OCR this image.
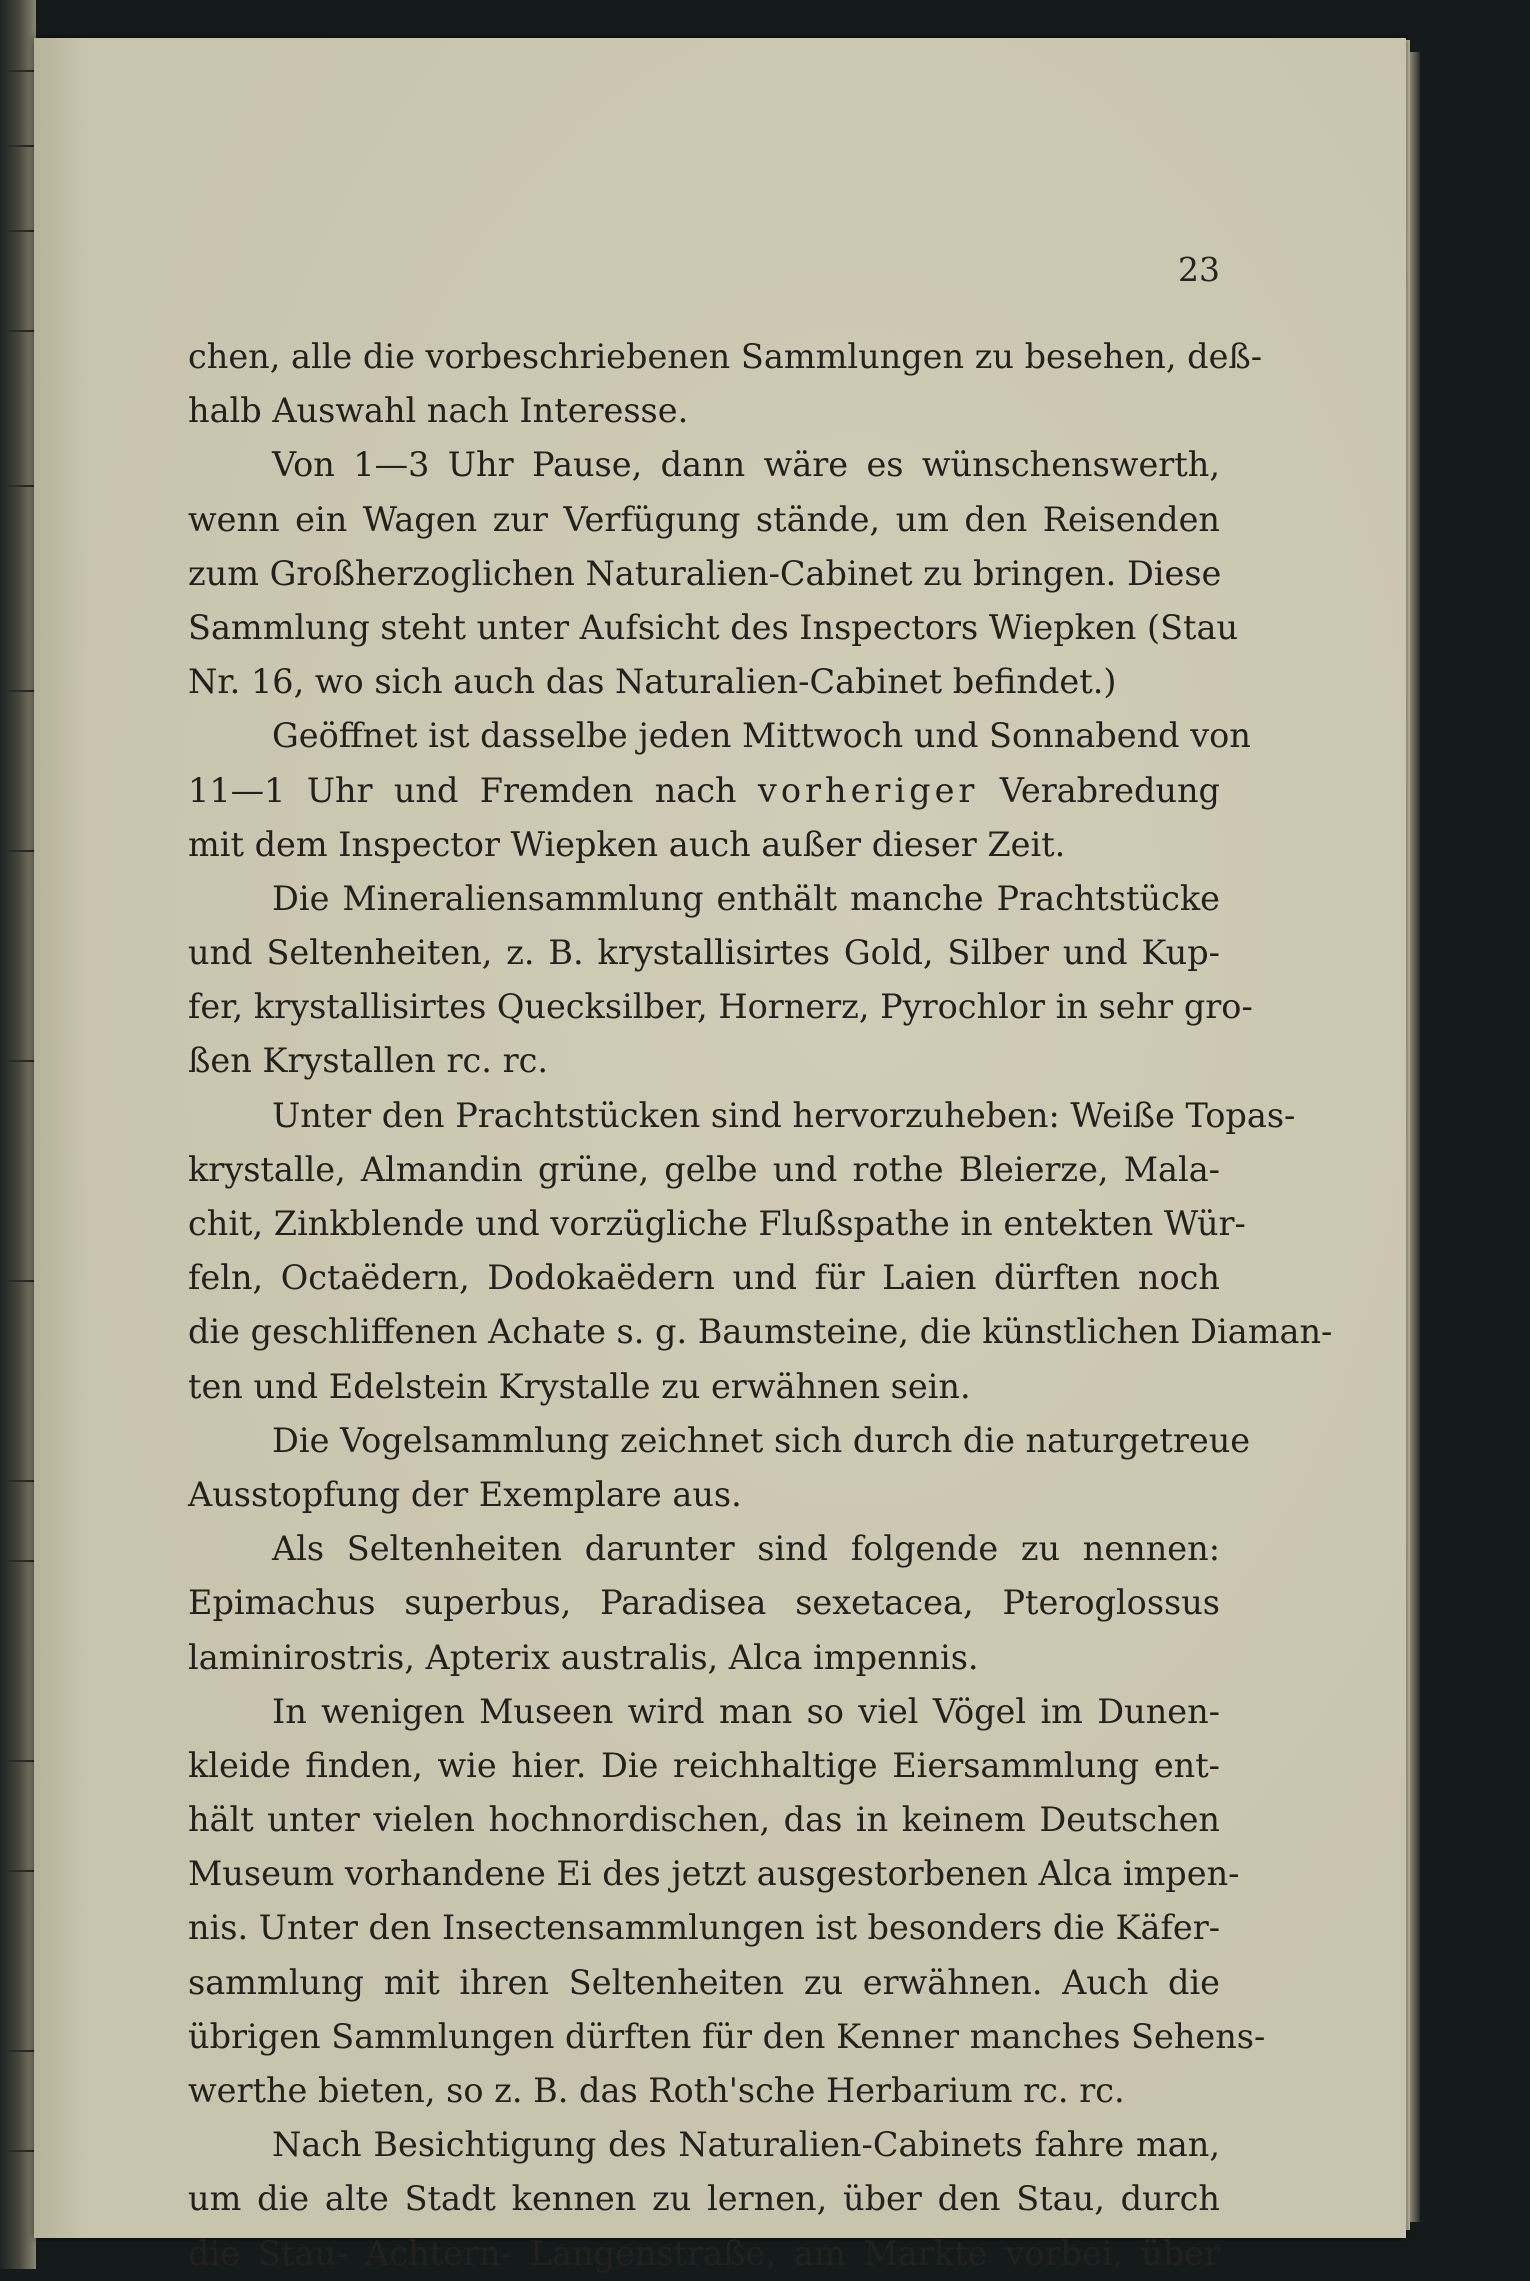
23
chen, alle die vorbeschriebenen Sammlungen zu besehen, deß-
halb Auswahl nach Interesse.
Von 1—3 Uhr Pause, dann wäre es wünschenswerth,
wenn ein Wagen zur Verfügung ständе, um den Reisenden
zum Großherzoglichen Naturalien-Cabinet zu bringen. Diese
Sammlung steht unter Aufsicht des Inspectors Wiepken (Stau
Nr. 16, wo sich auch das Naturalien-Cabinet befindet.)
Geöffnet ist dasselbe jeden Mittwoch und Sonnabend von
11—1 Uhr und Fremden nach vorheriger Verabredung
mit dem Inspector Wiepken auch außer dieser Zeit.
Die Mineraliensammlung enthält manche Prachtstücke
und Seltenheiten, z. B. krystallisirtes Gold, Silber und Kup-
fer, krystallisirtes Quecksilber, Hornerz, Pyrochlor in sehr gro-
ßen Krystallen rc. rc.
Unter den Prachtstücken sind hervorzuheben: Weiße Topas-
krystalle, Almandin grüne, gelbe und rothe Bleierze, Mala-
chit, Zinkblende und vorzügliche Flußspathe in entekten Wür-
feln, Octaëdern, Dodokaëdern und für Laien dürften noch
die geschliffenen Achate s. g. Baumsteine, die künstlichen Diaman-
ten und Edelstein Krystalle zu erwähnen sein.
Die Vogelsammlung zeichnet sich durch die naturgetreue
Ausstopfung der Exemplare aus.
Als Seltenheiten darunter sind folgende zu nennen:
Epimachus superbus, Paradisea sexetacea, Pteroglossus
laminirostris, Apterix australis, Alca impennis.
In wenigen Museen wird man so viel Vögel im Dunen-
kleide finden, wie hier. Die reichhaltige Eiersammlung ent-
hält unter vielen hochnordischen, das in keinem Deutschen
Museum vorhandene Ei des jetzt ausgestorbenen Alca impen-
nis. Unter den Insectensammlungen ist besonders die Käfer-
sammlung mit ihren Seltenheiten zu erwähnen. Auch die
übrigen Sammlungen dürften für den Kenner manches Sehens-
werthe bieten, so z. B. das Roth'sche Herbarium rc. rc.
Nach Besichtigung des Naturalien-Cabinets fahre man,
um die alte Stadt kennen zu lernen, über den Stau, durch
die Stau- Achtern- Langenstraße, am Markte vorbei, über
